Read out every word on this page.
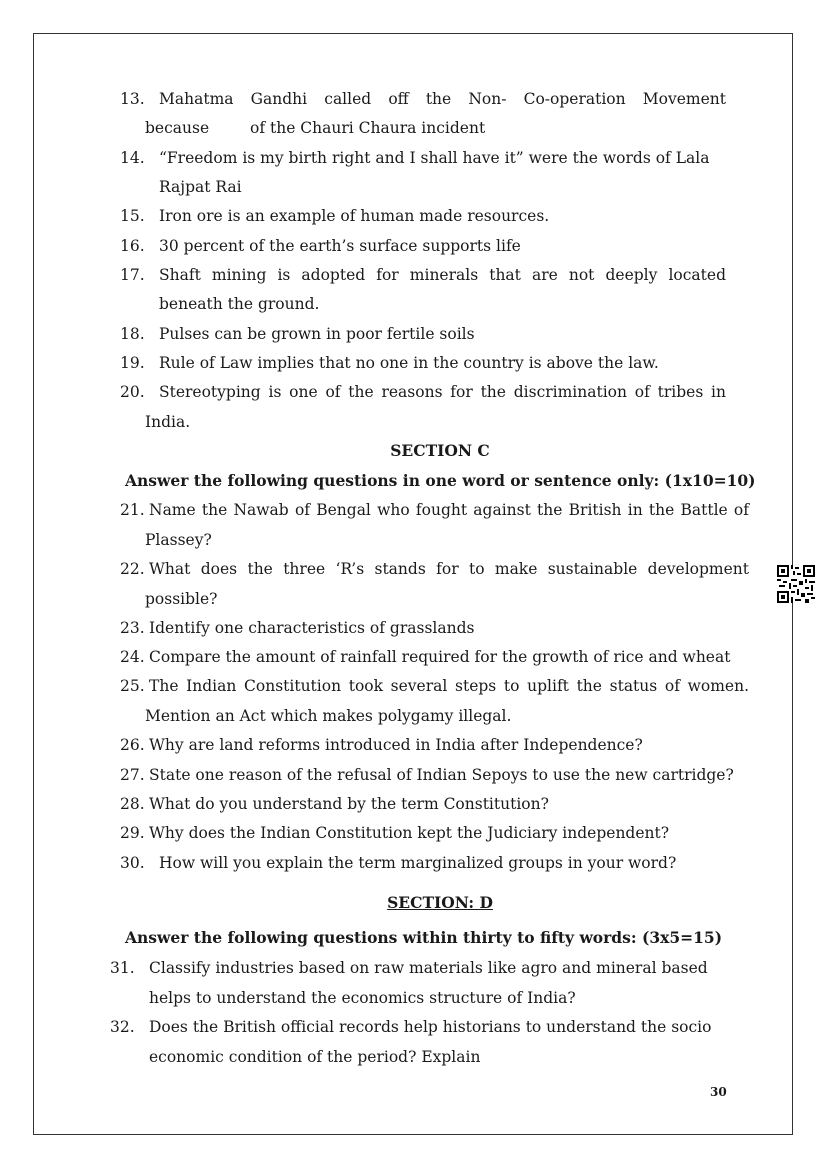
13. Mahatma Gandhi called off the Non- Co-operation Movement
because	of the Chauri Chaura incident
14. “Freedom is my birth right and I shall have it” were the words of Lala
Rajpat Rai
15. Iron ore is an example of human made resources.
16. 30 percent of the earth’s surface supports life
17. Shaft mining is adopted for minerals that are not deeply located
beneath the ground.
18. Pulses can be grown in poor fertile soils
19. Rule of Law implies that no one in the country is above the law.
20. Stereotyping is one of the reasons for the discrimination of tribes in
India.
SECTION C
Answer the following questions in one word or sentence only: (1x10=10)
21. Name the Nawab of Bengal who fought against the British in the Battle of
Plassey?
22. What does the three ‘R’s stands for to make sustainable development
possible?
23. Identify one characteristics of grasslands
24. Compare the amount of rainfall required for the growth of rice and wheat
25. The Indian Constitution took several steps to uplift the status of women.
Mention an Act which makes polygamy illegal.
26. Why are land reforms introduced in India after Independence?
27. State one reason of the refusal of Indian Sepoys to use the new cartridge?
28. What do you understand by the term Constitution?
29. Why does the Indian Constitution kept the Judiciary independent?
30. How will you explain the term marginalized groups in your word?
SECTION: D
Answer the following questions within thirty to fifty words: (3x5=15)
31. Classify industries based on raw materials like agro and mineral based
helps to understand the economics structure of India?
32. Does the British official records help historians to understand the socio
economic condition of the period? Explain
30
